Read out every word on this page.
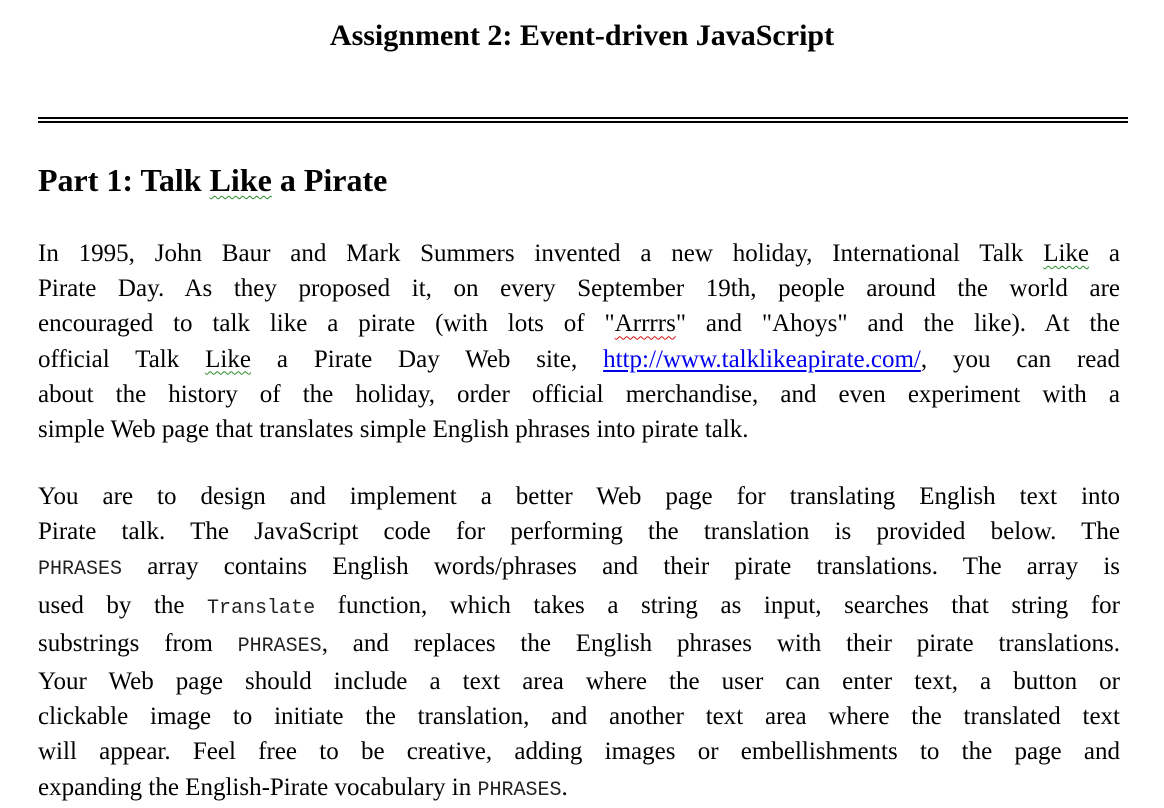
Assignment 2: Event-driven JavaScript
Part 1: Talk Like a Pirate
In 1995, John Baur and Mark Summers invented a new holiday, International Talk Like a
Pirate Day. As they proposed it, on every September 19th, people around the world are
encouraged to talk like a pirate (with lots of "Arrrrs" and "Ahoys" and the like). At the
official Talk Like a Pirate Day Web site, http://www.talklikeapirate.com/, you can read
about the history of the holiday, order official merchandise, and even experiment with a
simple Web page that translates simple English phrases into pirate talk.
You are to design and implement a better Web page for translating English text into
Pirate talk. The JavaScript code for performing the translation is provided below. The
PHRASES array contains English words/phrases and their pirate translations. The array is
used by the Translate function, which takes a string as input, searches that string for
substrings from PHRASES, and replaces the English phrases with their pirate translations.
Your Web page should include a text area where the user can enter text, a button or
clickable image to initiate the translation, and another text area where the translated text
will appear. Feel free to be creative, adding images or embellishments to the page and
expanding the English-Pirate vocabulary in PHRASES.
